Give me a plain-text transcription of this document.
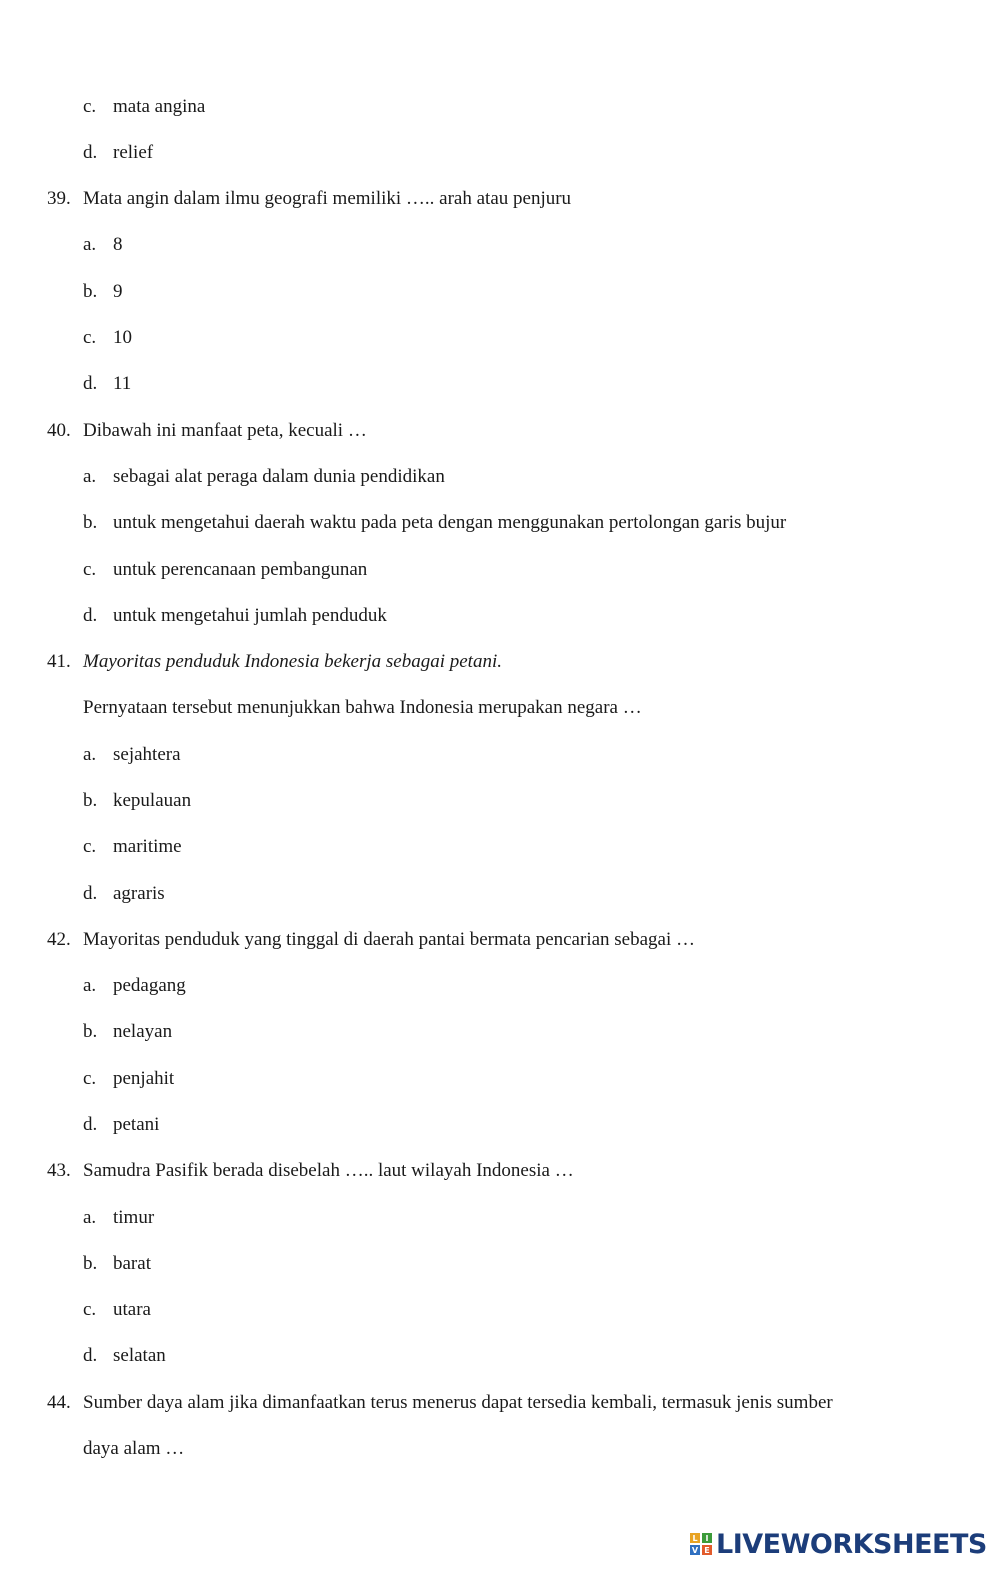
c. mata angina
d. relief
39. Mata angin dalam ilmu geografi memiliki ….. arah atau penjuru
a. 8
b. 9
c. 10
d. 11
40. Dibawah ini manfaat peta, kecuali …
a. sebagai alat peraga dalam dunia pendidikan
b. untuk mengetahui daerah waktu pada peta dengan menggunakan pertolongan garis bujur
c. untuk perencanaan pembangunan
d. untuk mengetahui jumlah penduduk
41. Mayoritas penduduk Indonesia bekerja sebagai petani.
Pernyataan tersebut menunjukkan bahwa Indonesia merupakan negara …
a. sejahtera
b. kepulauan
c. maritime
d. agraris
42. Mayoritas penduduk yang tinggal di daerah pantai bermata pencarian sebagai …
a. pedagang
b. nelayan
c. penjahit
d. petani
43. Samudra Pasifik berada disebelah ….. laut wilayah Indonesia …
a. timur
b. barat
c. utara
d. selatan
44. Sumber daya alam jika dimanfaatkan terus menerus dapat tersedia kembali, termasuk jenis sumber
daya alam …
L I
V E LIVEWORKSHEETS
